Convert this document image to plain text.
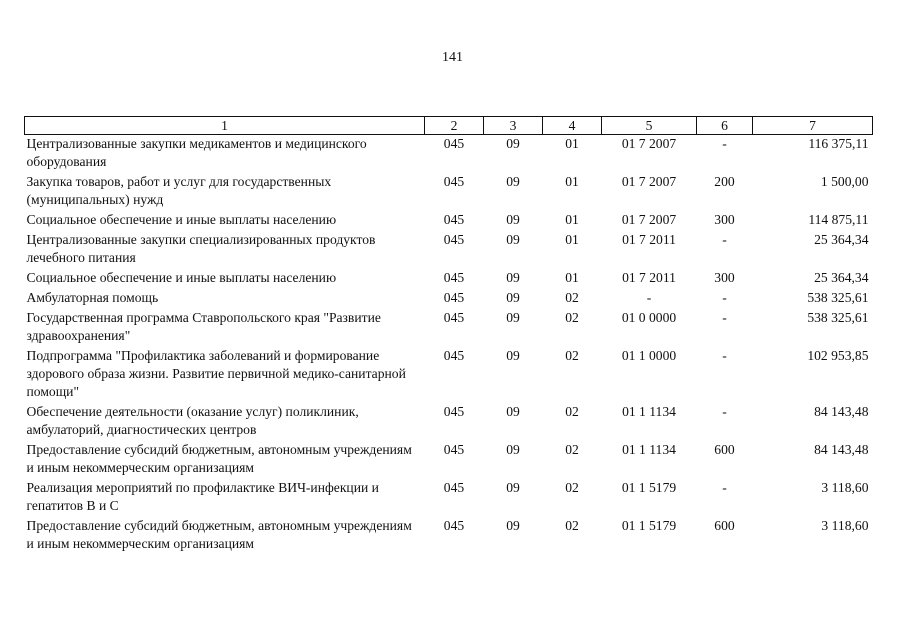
141
1	2	3	4	5	6	7
Централизованные закупки медикаментов и медицинского оборудования	045	09	01	01 7 2007	-	116 375,11
Закупка товаров, работ и услуг для государственных (муниципальных) нужд	045	09	01	01 7 2007	200	1 500,00
Социальное обеспечение и иные выплаты населению	045	09	01	01 7 2007	300	114 875,11
Централизованные закупки специализированных продуктов лечебного питания	045	09	01	01 7 2011	-	25 364,34
Социальное обеспечение и иные выплаты населению	045	09	01	01 7 2011	300	25 364,34
Амбулаторная помощь	045	09	02	-	-	538 325,61
Государственная программа Ставропольского края "Развитие здравоохранения"	045	09	02	01 0 0000	-	538 325,61
Подпрограмма "Профилактика заболеваний и формирование здорового образа жизни. Развитие первичной медико-санитарной помощи"	045	09	02	01 1 0000	-	102 953,85
Обеспечение деятельности (оказание услуг) поликлиник, амбулаторий, диагностических центров	045	09	02	01 1 1134	-	84 143,48
Предоставление субсидий бюджетным, автономным учреждениям и иным некоммерческим организациям	045	09	02	01 1 1134	600	84 143,48
Реализация мероприятий по профилактике ВИЧ-инфекции и гепатитов В и С	045	09	02	01 1 5179	-	3 118,60
Предоставление субсидий бюджетным, автономным учреждениям и иным некоммерческим организациям	045	09	02	01 1 5179	600	3 118,60
